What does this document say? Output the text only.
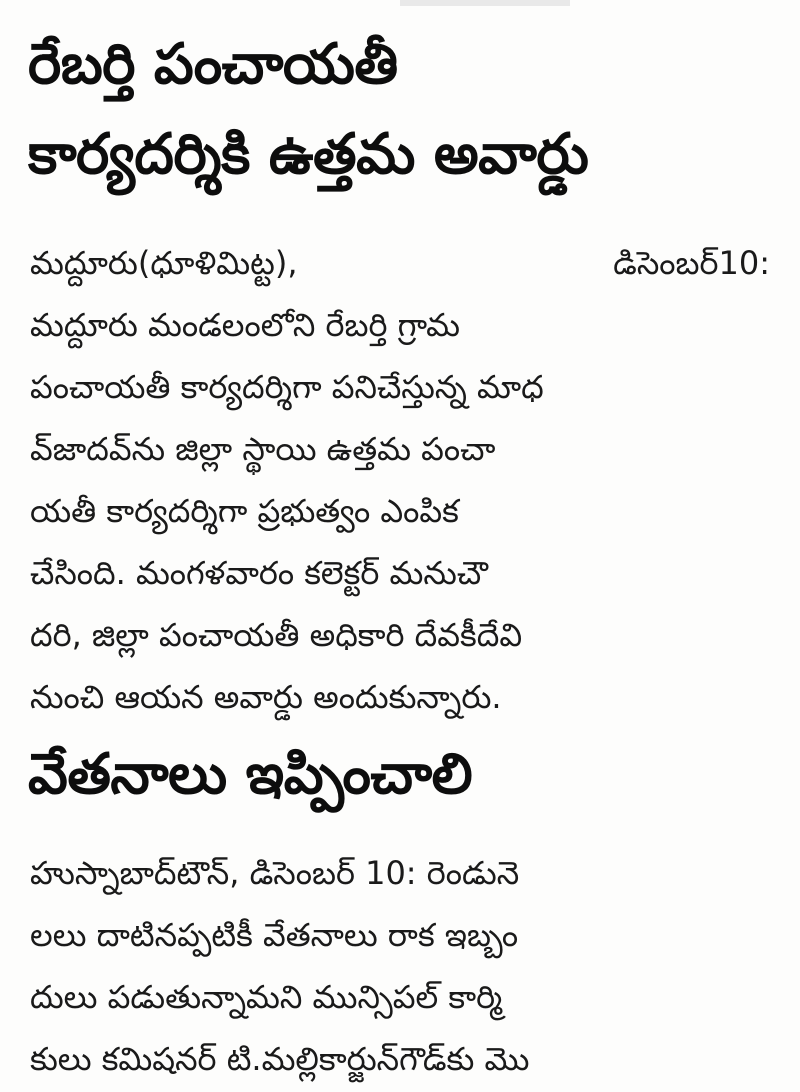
రేబర్తి పంచాయతీ
కార్యదర్శికి ఉత్తమ అవార్డు
మద్దూరు(ధూళిమిట్ట),	డిసెంబర్10:
మద్దూరు మండలంలోని రేబర్తి గ్రామ
పంచాయతీ కార్యదర్శిగా పనిచేస్తున్న మాధ
వ్‌జాదవ్‌ను జిల్లా స్థాయి ఉత్తమ పంచా
యతీ కార్యదర్శిగా ప్రభుత్వం ఎంపిక
చేసింది. మంగళవారం కలెక్టర్ మనుచౌ
దరి, జిల్లా పంచాయతీ అధికారి దేవకీదేవి
నుంచి ఆయన అవార్డు అందుకున్నారు.
వేతనాలు ఇప్పించాలి
హుస్నాబాద్‌టౌన్, డిసెంబర్ 10: రెండునె
లలు దాటినప్పటికీ వేతనాలు రాక ఇబ్బం
దులు పడుతున్నామని మున్సిపల్ కార్మి
కులు కమిషనర్ టి.మల్లికార్జున్‌గౌడ్‌కు మొ
